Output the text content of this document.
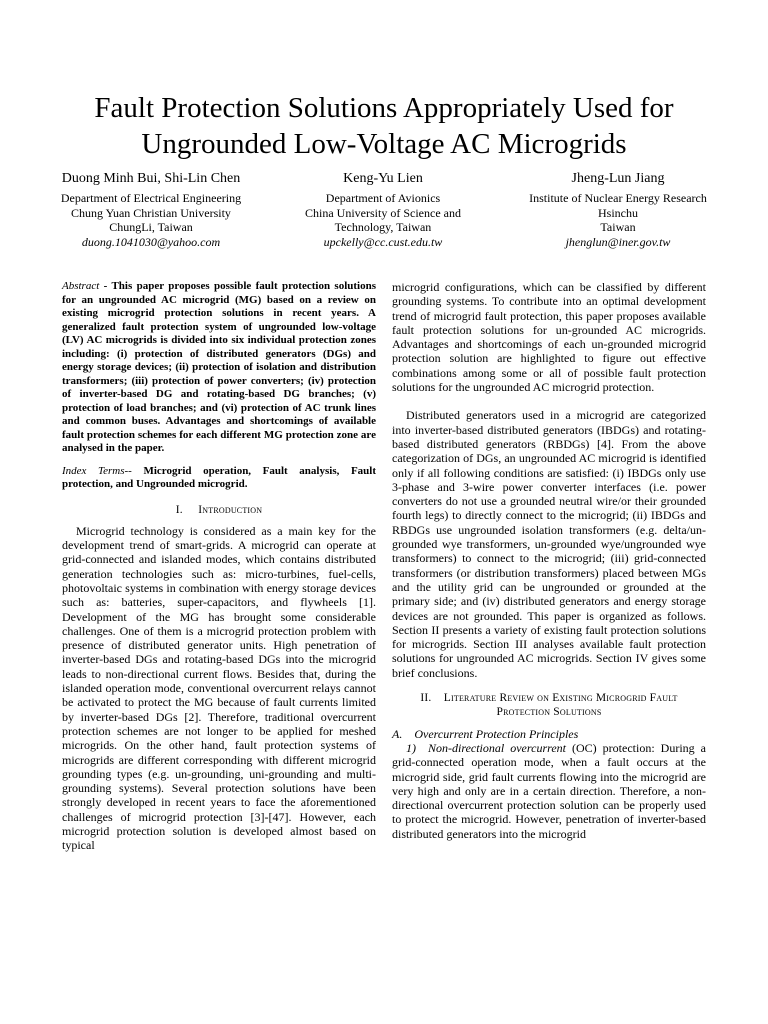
Fault Protection Solutions Appropriately Used for
Ungrounded Low-Voltage AC Microgrids
Duong Minh Bui, Shi-Lin Chen
Department of Electrical Engineering
Chung Yuan Christian University
ChungLi, Taiwan
duong.1041030@yahoo.com
Keng-Yu Lien
Department of Avionics
China University of Science and
Technology, Taiwan
upckelly@cc.cust.edu.tw
Jheng-Lun Jiang
Institute of Nuclear Energy Research
Hsinchu
Taiwan
jhenglun@iner.gov.tw

Abstract - This paper proposes possible fault protection solutions for an ungrounded AC microgrid (MG) based on a review on existing microgrid protection solutions in recent years. A generalized fault protection system of ungrounded low-voltage (LV) AC microgrids is divided into six individual protection zones including: (i) protection of distributed generators (DGs) and energy storage devices; (ii) protection of isolation and distribution transformers; (iii) protection of power converters; (iv) protection of inverter-based DG and rotating-based DG branches; (v) protection of load branches; and (vi) protection of AC trunk lines and common buses. Advantages and shortcomings of available fault protection schemes for each different MG protection zone are analysed in the paper.

Index Terms-- Microgrid operation, Fault analysis, Fault protection, and Ungrounded microgrid.

I. Introduction

Microgrid technology is considered as a main key for the development trend of smart-grids. A microgrid can operate at grid-connected and islanded modes, which contains distributed generation technologies such as: micro-turbines, fuel-cells, photovoltaic systems in combination with energy storage devices such as: batteries, super-capacitors, and flywheels [1]. Development of the MG has brought some considerable challenges. One of them is a microgrid protection problem with presence of distributed generator units. High penetration of inverter-based DGs and rotating-based DGs into the microgrid leads to non-directional current flows. Besides that, during the islanded operation mode, conventional overcurrent relays cannot be activated to protect the MG because of fault currents limited by inverter-based DGs [2]. Therefore, traditional overcurrent protection schemes are not longer to be applied for meshed microgrids. On the other hand, fault protection systems of microgrids are different corresponding with different microgrid grounding types (e.g. un-grounding, uni-grounding and multi-grounding systems). Several protection solutions have been strongly developed in recent years to face the aforementioned challenges of microgrid protection [3]-[47]. However, each microgrid protection solution is developed almost based on typical

microgrid configurations, which can be classified by different grounding systems. To contribute into an optimal development trend of microgrid fault protection, this paper proposes available fault protection solutions for un-grounded AC microgrids. Advantages and shortcomings of each un-grounded microgrid protection solution are highlighted to figure out effective combinations among some or all of possible fault protection solutions for the ungrounded AC microgrid protection.

Distributed generators used in a microgrid are categorized into inverter-based distributed generators (IBDGs) and rotating-based distributed generators (RBDGs) [4]. From the above categorization of DGs, an ungrounded AC microgrid is identified only if all following conditions are satisfied: (i) IBDGs only use 3-phase and 3-wire power converter interfaces (i.e. power converters do not use a grounded neutral wire/or their grounded fourth legs) to directly connect to the microgrid; (ii) IBDGs and RBDGs use ungrounded isolation transformers (e.g. delta/un-grounded wye transformers, un-grounded wye/ungrounded wye transformers) to connect to the microgrid; (iii) grid-connected transformers (or distribution transformers) placed between MGs and the utility grid can be ungrounded or grounded at the primary side; and (iv) distributed generators and energy storage devices are not grounded. This paper is organized as follows. Section II presents a variety of existing fault protection solutions for microgrids. Section III analyses available fault protection solutions for ungrounded AC microgrids. Section IV gives some brief conclusions.

II. Literature Review on Existing Microgrid Fault
Protection Solutions

A. Overcurrent Protection Principles

1) Non-directional overcurrent (OC) protection: During a grid-connected operation mode, when a fault occurs at the microgrid side, grid fault currents flowing into the microgrid are very high and only are in a certain direction. Therefore, a non-directional overcurrent protection solution can be properly used to protect the microgrid. However, penetration of inverter-based distributed generators into the microgrid
